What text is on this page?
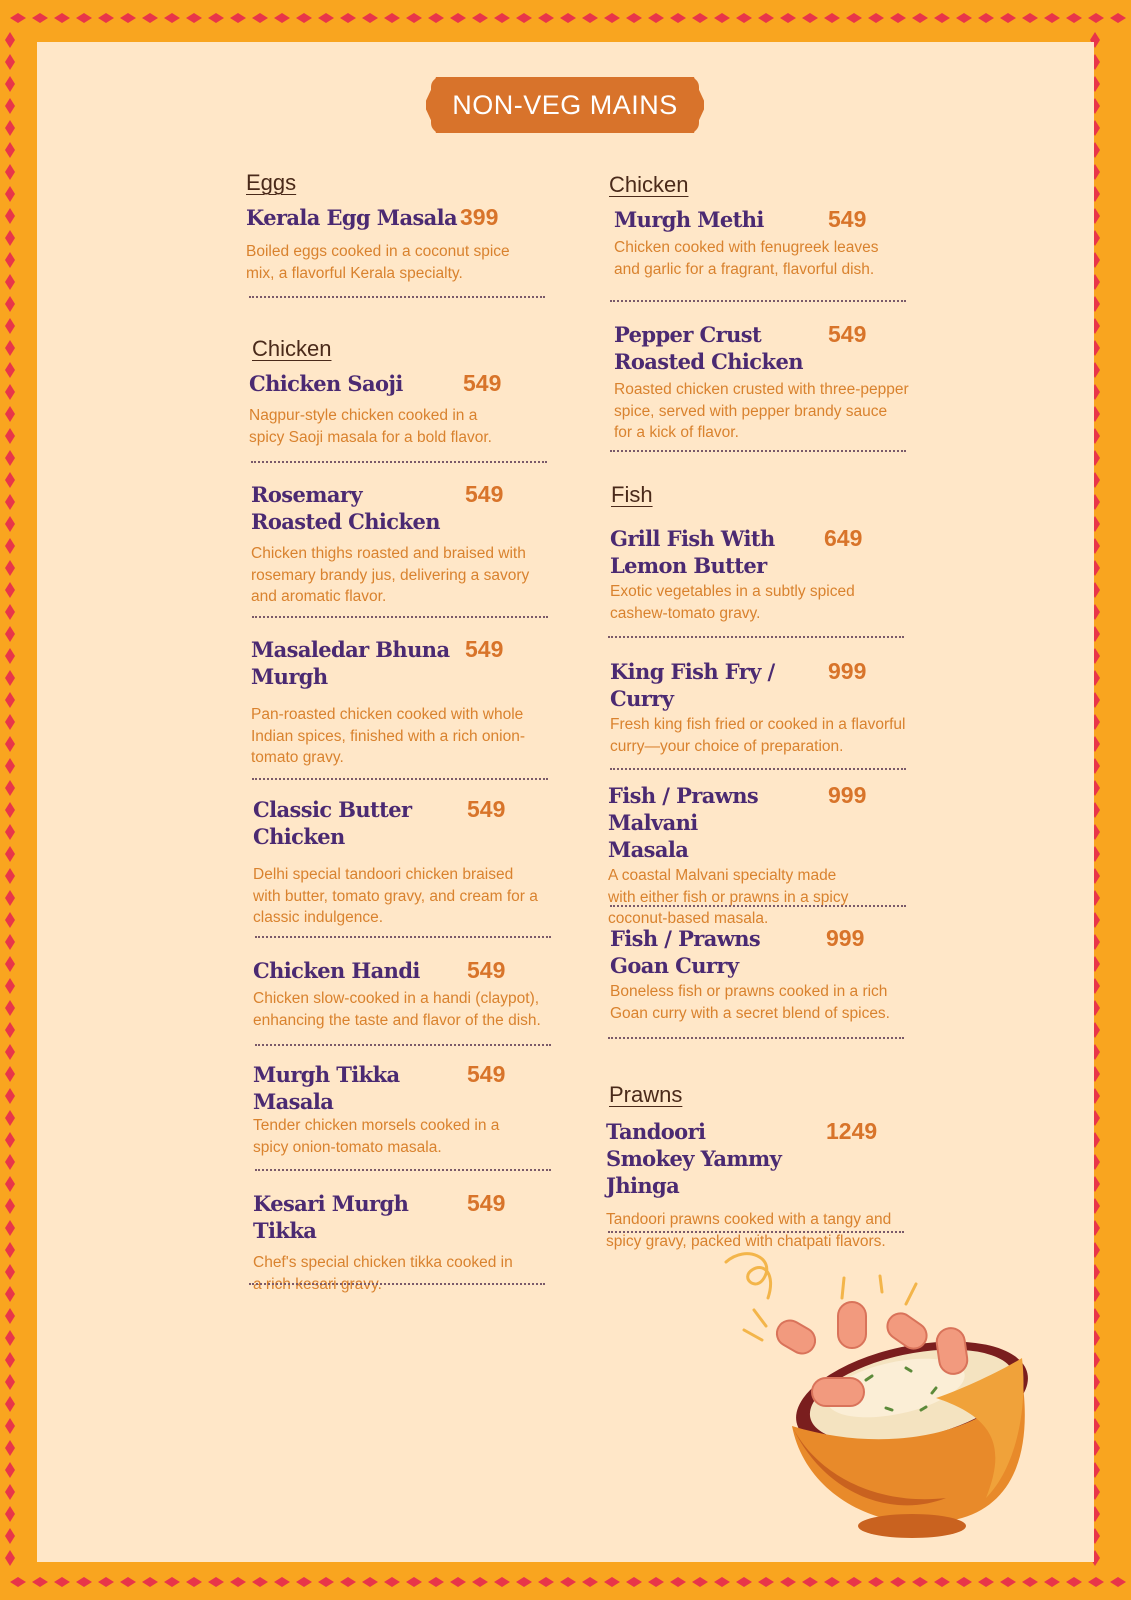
NON-VEG MAINS
Eggs
Kerala Egg Masala 399
Boiled eggs cooked in a coconut spice mix, a flavorful Kerala specialty.
Chicken
Chicken Saoji	549
Nagpur-style chicken cooked in a spicy Saoji masala for a bold flavor.
Rosemary Roasted Chicken
549
Chicken thighs roasted and braised with rosemary brandy jus, delivering a savory and aromatic flavor.
Masaledar Bhuna Murgh
549
Pan-roasted chicken cooked with whole Indian spices, finished with a rich onion-tomato gravy.
Classic Butter Chicken
549
Delhi special tandoori chicken braised with butter, tomato gravy, and cream for a classic indulgence.
Chicken Handi	549
Chicken slow-cooked in a handi (claypot), enhancing the taste and flavor of the dish.
Murgh Tikka Masala
549
Tender chicken morsels cooked in a spicy onion-tomato masala.
Kesari Murgh Tikka
549
Chef's special chicken tikka cooked in a rich kesari gravy.
Chicken
Murgh Methi	549
Chicken cooked with fenugreek leaves and garlic for a fragrant, flavorful dish.
Pepper Crust Roasted Chicken
549
Roasted chicken crusted with three-pepper spice, served with pepper brandy sauce for a kick of flavor.
Fish
Grill Fish With Lemon Butter
649
Exotic vegetables in a subtly spiced cashew-tomato gravy.
King Fish Fry / Curry
999
Fresh king fish fried or cooked in a flavorful curry—your choice of preparation.
Fish / Prawns Malvani Masala
999
A coastal Malvani specialty made with either fish or prawns in a spicy coconut-based masala.
Fish / Prawns Goan Curry
999
Boneless fish or prawns cooked in a rich Goan curry with a secret blend of spices.
Prawns
Tandoori Smokey Yammy Jhinga
1249
Tandoori prawns cooked with a tangy and spicy gravy, packed with chatpati flavors.
